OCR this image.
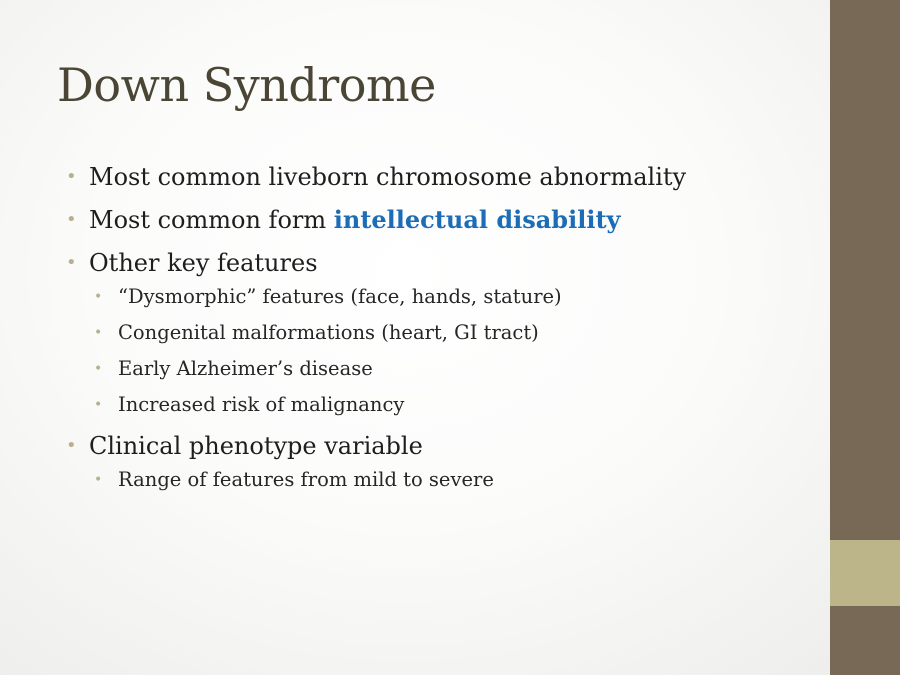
Down Syndrome
• Most common liveborn chromosome abnormality
• Most common form intellectual disability
• Other key features
• “Dysmorphic” features (face, hands, stature)
• Congenital malformations (heart, GI tract)
• Early Alzheimer’s disease
• Increased risk of malignancy
• Clinical phenotype variable
• Range of features from mild to severe
